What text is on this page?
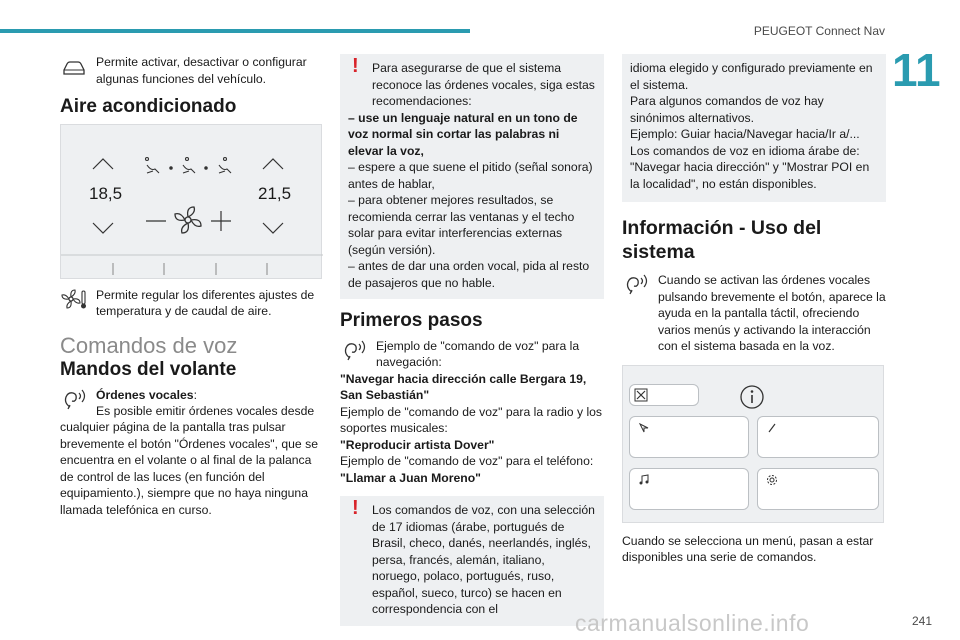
PEUGEOT Connect Nav
11
Permite activar, desactivar o configurar algunas funciones del vehículo.
Aire acondicionado
18,5	21,5
Permite regular los diferentes ajustes de temperatura y de caudal de aire.
Comandos de voz
Mandos del volante
Órdenes vocales:
Es posible emitir órdenes vocales desde cualquier página de la pantalla tras pulsar brevemente el botón "Órdenes vocales", que se encuentra en el volante o al final de la palanca de control de las luces (en función del equipamiento.), siempre que no haya ninguna llamada telefónica en curso.
!	Para asegurarse de que el sistema reconoce las órdenes vocales, siga estas recomendaciones:
– use un lenguaje natural en un tono de voz normal sin cortar las palabras ni elevar la voz,
– espere a que suene el pitido (señal sonora) antes de hablar,
– para obtener mejores resultados, se recomienda cerrar las ventanas y el techo solar para evitar interferencias externas (según versión).
– antes de dar una orden vocal, pida al resto de pasajeros que no hable.
Primeros pasos
Ejemplo de "comando de voz" para la navegación:
"Navegar hacia dirección calle Bergara 19, San Sebastián"
Ejemplo de "comando de voz" para la radio y los soportes musicales:
"Reproducir artista Dover"
Ejemplo de "comando de voz" para el teléfono:
"Llamar a Juan Moreno"
!	Los comandos de voz, con una selección de 17 idiomas (árabe, portugués de Brasil, checo, danés, neerlandés, inglés, persa, francés, alemán, italiano, noruego, polaco, portugués, ruso, español, sueco, turco) se hacen en correspondencia con el
idioma elegido y configurado previamente en el sistema.
Para algunos comandos de voz hay sinónimos alternativos.
Ejemplo: Guiar hacia/Navegar hacia/Ir a/...
Los comandos de voz en idioma árabe de: "Navegar hacia dirección" y "Mostrar POI en la localidad", no están disponibles.
Información - Uso del sistema
Cuando se activan las órdenes vocales pulsando brevemente el botón, aparece la ayuda en la pantalla táctil, ofreciendo varios menús y activando la interacción con el sistema basada en la voz.
Cuando se selecciona un menú, pasan a estar disponibles una serie de comandos.
carmanualsonline.info	241
